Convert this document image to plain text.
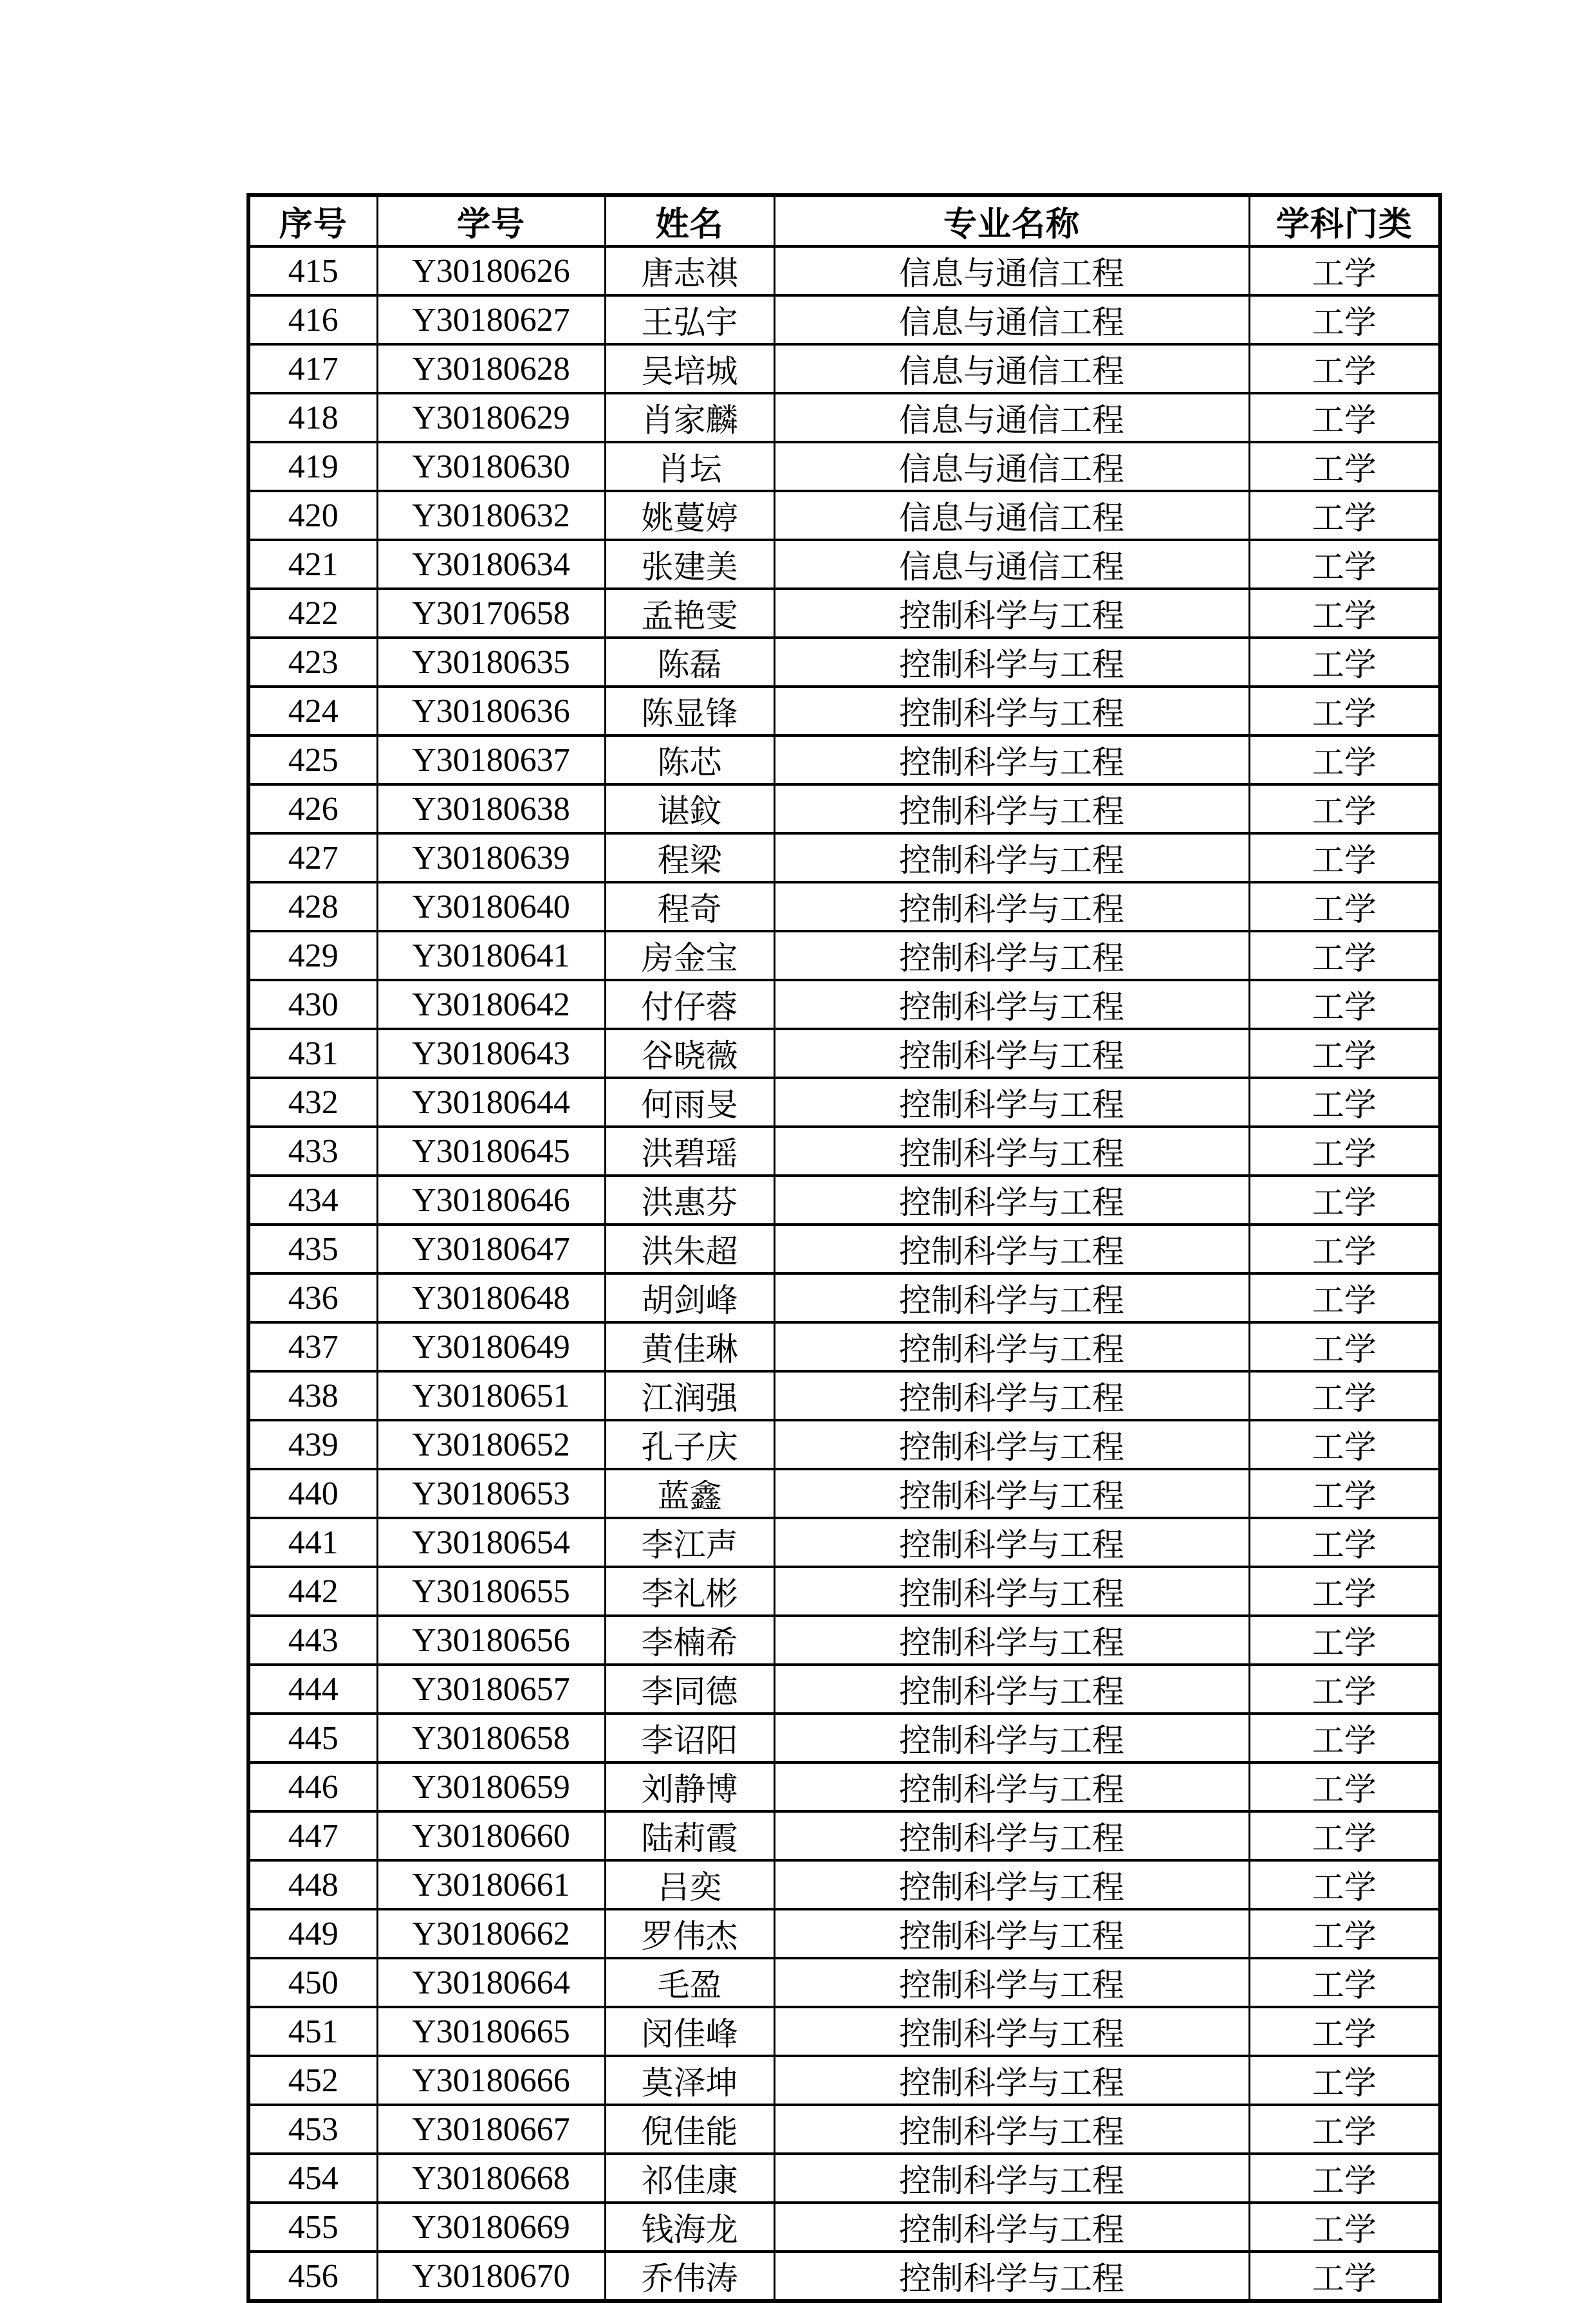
序号	学号	姓名	专业名称	学科门类
415	Y30180626	唐志祺	信息与通信工程	工学
416	Y30180627	王弘宇	信息与通信工程	工学
417	Y30180628	吴培城	信息与通信工程	工学
418	Y30180629	肖家麟	信息与通信工程	工学
419	Y30180630	肖坛	信息与通信工程	工学
420	Y30180632	姚蔓婷	信息与通信工程	工学
421	Y30180634	张建美	信息与通信工程	工学
422	Y30170658	孟艳雯	控制科学与工程	工学
423	Y30180635	陈磊	控制科学与工程	工学
424	Y30180636	陈显锋	控制科学与工程	工学
425	Y30180637	陈芯	控制科学与工程	工学
426	Y30180638	谌鈫	控制科学与工程	工学
427	Y30180639	程梁	控制科学与工程	工学
428	Y30180640	程奇	控制科学与工程	工学
429	Y30180641	房金宝	控制科学与工程	工学
430	Y30180642	付仔蓉	控制科学与工程	工学
431	Y30180643	谷晓薇	控制科学与工程	工学
432	Y30180644	何雨旻	控制科学与工程	工学
433	Y30180645	洪碧瑶	控制科学与工程	工学
434	Y30180646	洪惠芬	控制科学与工程	工学
435	Y30180647	洪朱超	控制科学与工程	工学
436	Y30180648	胡剑峰	控制科学与工程	工学
437	Y30180649	黄佳琳	控制科学与工程	工学
438	Y30180651	江润强	控制科学与工程	工学
439	Y30180652	孔子庆	控制科学与工程	工学
440	Y30180653	蓝鑫	控制科学与工程	工学
441	Y30180654	李江声	控制科学与工程	工学
442	Y30180655	李礼彬	控制科学与工程	工学
443	Y30180656	李楠希	控制科学与工程	工学
444	Y30180657	李同德	控制科学与工程	工学
445	Y30180658	李诏阳	控制科学与工程	工学
446	Y30180659	刘静博	控制科学与工程	工学
447	Y30180660	陆莉霞	控制科学与工程	工学
448	Y30180661	吕奕	控制科学与工程	工学
449	Y30180662	罗伟杰	控制科学与工程	工学
450	Y30180664	毛盈	控制科学与工程	工学
451	Y30180665	闵佳峰	控制科学与工程	工学
452	Y30180666	莫泽坤	控制科学与工程	工学
453	Y30180667	倪佳能	控制科学与工程	工学
454	Y30180668	祁佳康	控制科学与工程	工学
455	Y30180669	钱海龙	控制科学与工程	工学
456	Y30180670	乔伟涛	控制科学与工程	工学
